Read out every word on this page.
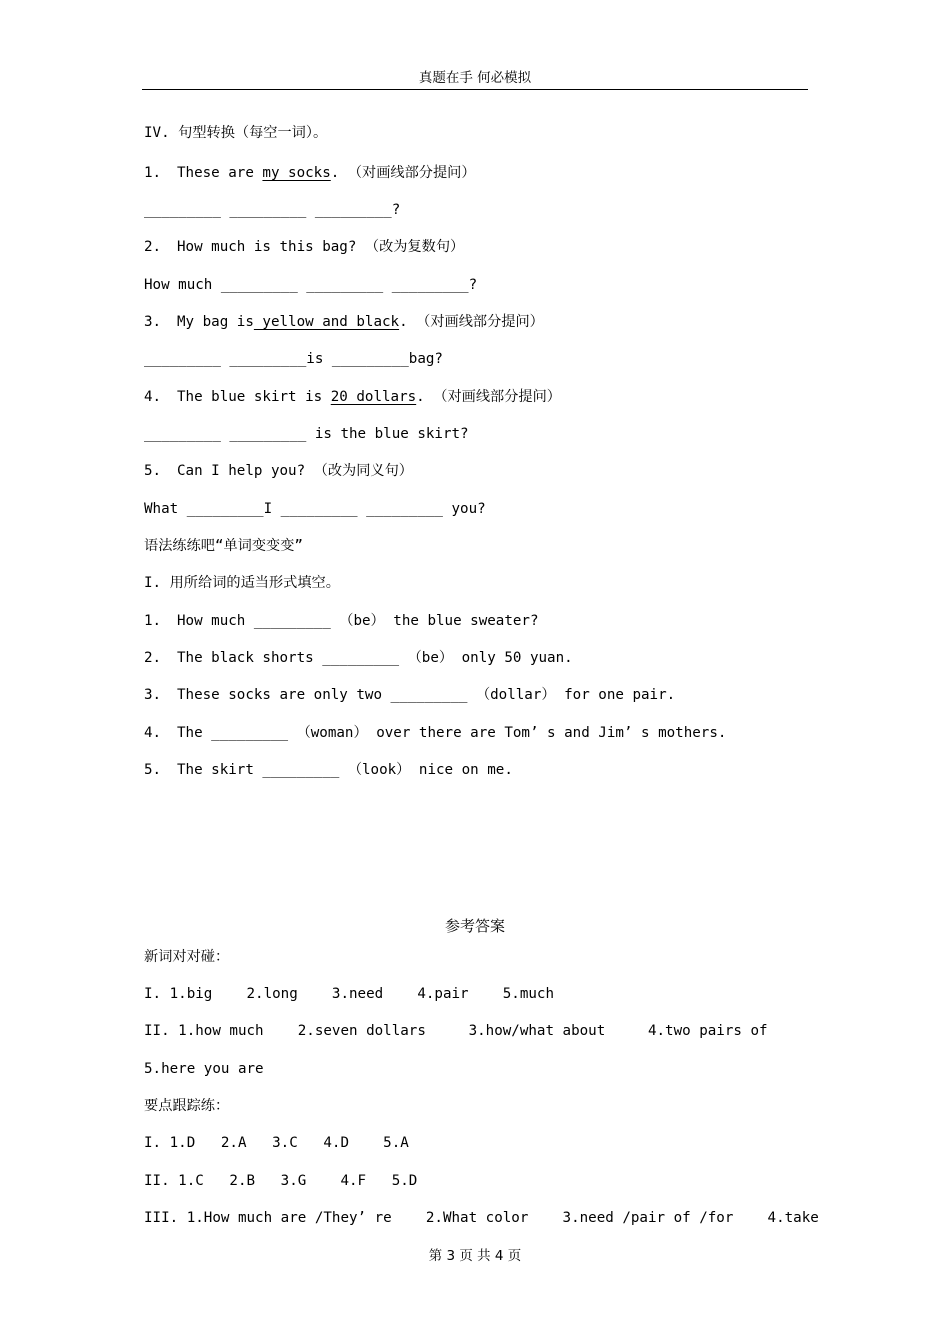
真题在手 何必模拟
IV. 句型转换（每空一词）。
1. These are my socks. （对画线部分提问）
_________ _________ _________?
2. How much is this bag? （改为复数句）
How much _________ _________ _________?
3. My bag is yellow and black. （对画线部分提问）
_________ _________is _________bag?
4. The blue skirt is 20 dollars. （对画线部分提问）
_________ _________ is the blue skirt?
5. Can I help you? （改为同义句）
What _________I _________ _________ you?
语法练练吧“单词变变变”
I. 用所给词的适当形式填空。
1. How much _________ （be） the blue sweater?
2. The black shorts _________ （be） only 50 yuan.
3. These socks are only two _________ （dollar） for one pair.
4. The _________ （woman） over there are Tom’ s and Jim’ s mothers.
5. The skirt _________ （look） nice on me.
参考答案
新词对对碰：
I. 1.big    2.long    3.need    4.pair    5.much
II. 1.how much    2.seven dollars     3.how/what about     4.two pairs of
5.here you are
要点跟踪练：
I. 1.D   2.A   3.C   4.D    5.A
II. 1.C   2.B   3.G    4.F   5.D
III. 1.How much are /They’ re    2.What color    3.need /pair of /for    4.take
第 3 页 共 4 页
